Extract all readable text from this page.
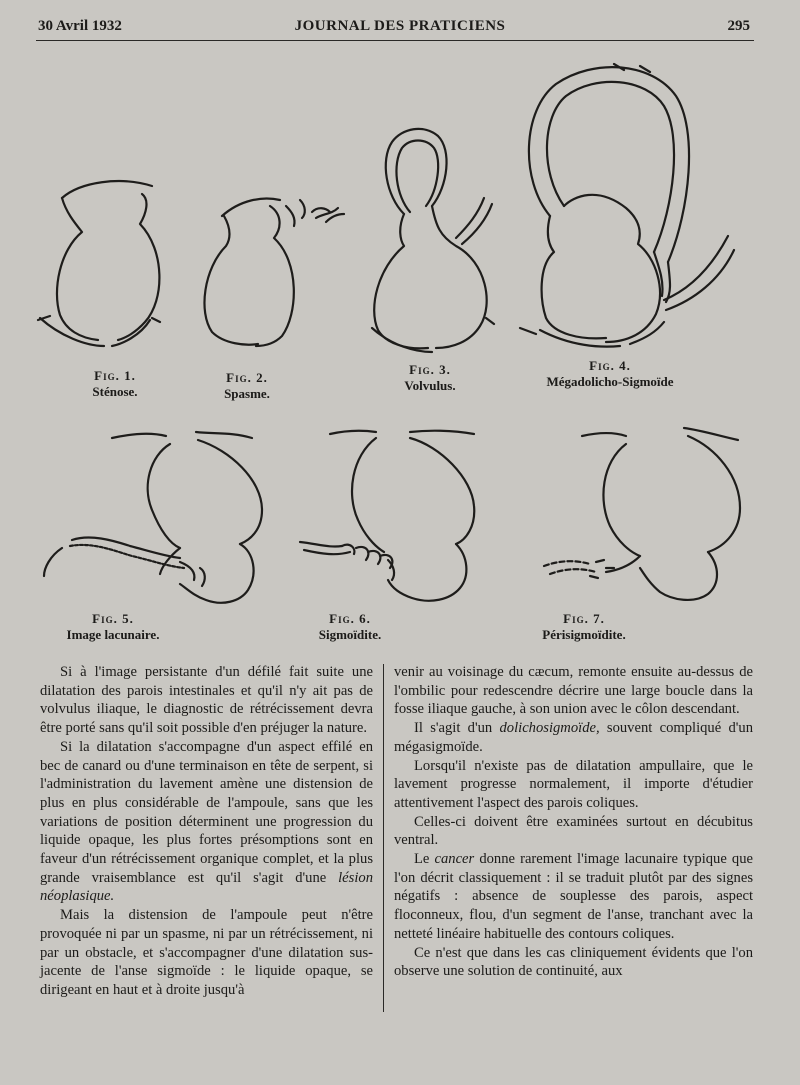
30 Avril 1932	JOURNAL DES PRATICIENS	295
Fig. 1.
Sténose.
Fig. 2.
Spasme.
Fig. 3.
Volvulus.
Fig. 4.
Mégadolicho-Sigmoïde
Fig. 5.
Image lacunaire.
Fig. 6.
Sigmoïdite.
Fig. 7.
Périsigmoïdite.

Si à l'image persistante d'un défilé fait suite une dilatation des parois intestinales et qu'il n'y ait pas de volvulus iliaque, le diagnostic de rétrécissement devra être porté sans qu'il soit possible d'en préjuger la nature.

Si la dilatation s'accompagne d'un aspect effilé en bec de canard ou d'une terminaison en tête de serpent, si l'administration du lavement amène une distension de plus en plus considérable de l'ampoule, sans que les variations de position déterminent une progression du liquide opaque, les plus fortes présomptions sont en faveur d'un rétrécissement organique complet, et la plus grande vraisemblance est qu'il s'agit d'une lésion néoplasique.

Mais la distension de l'ampoule peut n'être provoquée ni par un spasme, ni par un rétrécissement, ni par un obstacle, et s'accompagner d'une dilatation sus-jacente de l'anse sigmoïde : le liquide opaque, se dirigeant en haut et à droite jusqu'à

venir au voisinage du cæcum, remonte ensuite au-dessus de l'ombilic pour redescendre décrire une large boucle dans la fosse iliaque gauche, à son union avec le côlon descendant.

Il s'agit d'un dolichosigmoïde, souvent compliqué d'un mégasigmoïde.

Lorsqu'il n'existe pas de dilatation ampullaire, que le lavement progresse normalement, il importe d'étudier attentivement l'aspect des parois coliques.

Celles-ci doivent être examinées surtout en décubitus ventral.

Le cancer donne rarement l'image lacunaire typique que l'on décrit classiquement : il se traduit plutôt par des signes négatifs : absence de souplesse des parois, aspect floconneux, flou, d'un segment de l'anse, tranchant avec la netteté linéaire habituelle des contours coliques.

Ce n'est que dans les cas cliniquement évidents que l'on observe une solution de continuité, aux
